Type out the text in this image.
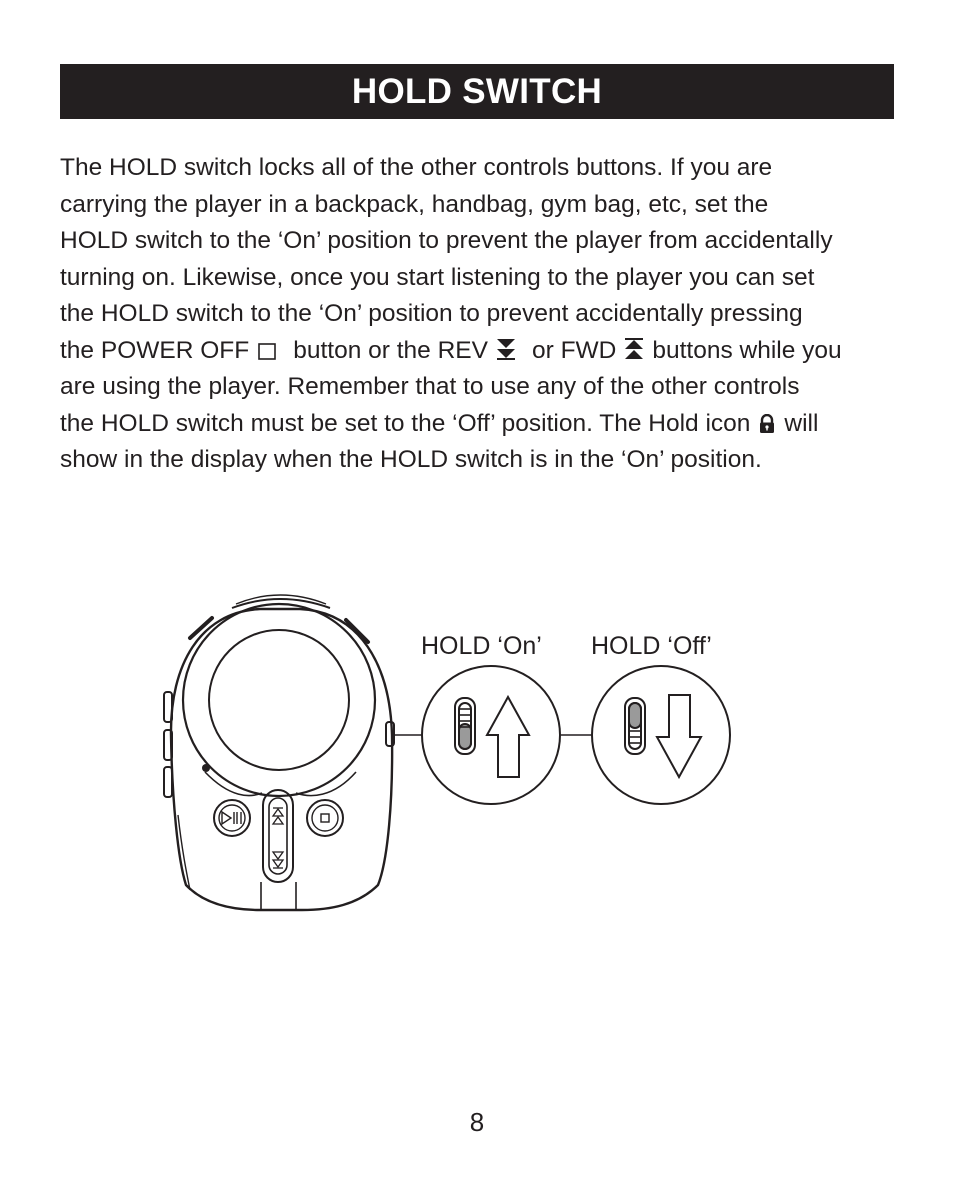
HOLD SWITCH

The HOLD switch locks all of the other controls buttons. If you are
carrying the player in a backpack, handbag, gym bag, etc, set the
HOLD switch to the ‘On’ position to prevent the player from accidentally
turning on. Likewise, once you start listening to the player you can set
the HOLD switch to the ‘On’ position to prevent accidentally pressing
the POWER OFF button or the REV or FWD buttons while you
are using the player. Remember that to use any of the other controls
the HOLD switch must be set to the ‘Off’ position. The Hold icon will
show in the display when the HOLD switch is in the ‘On’ position.

HOLD ‘On’ HOLD ‘Off’
8
